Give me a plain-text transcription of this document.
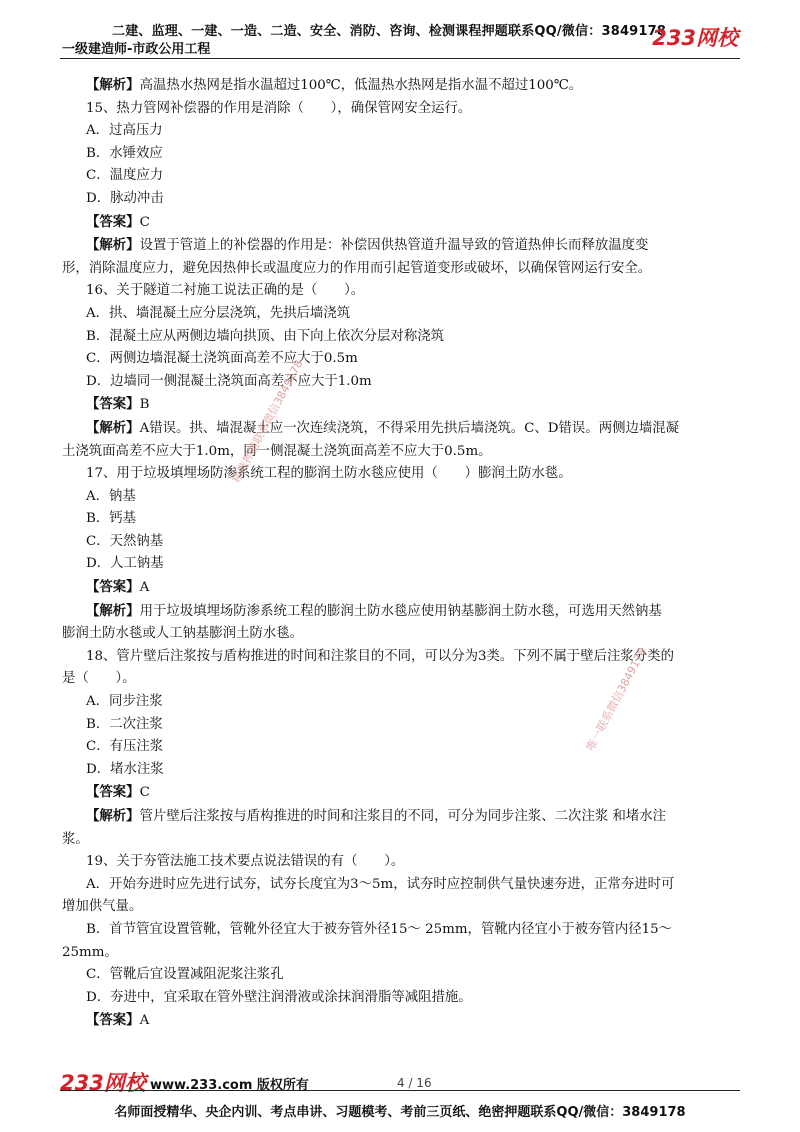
二建、监理、一建、一造、二造、安全、消防、咨询、检测课程押题联系QQ/微信：3849178
一级建造师-市政公用工程	233网校
【解析】高温热水热网是指水温超过100℃，低温热水热网是指水温不超过100℃。
15、热力管网补偿器的作用是消除（　　），确保管网安全运行。
A．过高压力
B．水锤效应
C．温度应力
D．脉动冲击
【答案】C
【解析】设置于管道上的补偿器的作用是：补偿因供热管道升温导致的管道热伸长而释放温度变
形，消除温度应力，避免因热伸长或温度应力的作用而引起管道变形或破坏，以确保管网运行安全。
16、关于隧道二衬施工说法正确的是（　　）。
A．拱、墙混凝土应分层浇筑，先拱后墙浇筑
B．混凝土应从两侧边墙向拱顶、由下向上依次分层对称浇筑
C．两侧边墙混凝土浇筑面高差不应大于0.5m
D．边墙同一侧混凝土浇筑面高差不应大于1.0m
【答案】B
【解析】A错误。拱、墙混凝土应一次连续浇筑，不得采用先拱后墙浇筑。C、D错误。两侧边墙混凝
土浇筑面高差不应大于1.0m，同一侧混凝土浇筑面高差不应大于0.5m。
17、用于垃圾填埋场防渗系统工程的膨润土防水毯应使用（　　）膨润土防水毯。
A．钠基
B．钙基
C．天然钠基
D．人工钠基
【答案】A
【解析】用于垃圾填埋场防渗系统工程的膨润土防水毯应使用钠基膨润土防水毯，可选用天然钠基
膨润土防水毯或人工钠基膨润土防水毯。
18、管片壁后注浆按与盾构推进的时间和注浆目的不同，可以分为3类。下列不属于壁后注浆分类的
是（　　）。
A．同步注浆
B．二次注浆
C．有压注浆
D．堵水注浆
【答案】C
【解析】管片壁后注浆按与盾构推进的时间和注浆目的不同，可分为同步注浆、二次注浆 和堵水注
浆。
19、关于夯管法施工技术要点说法错误的有（　　）。
A．开始夯进时应先进行试夯，试夯长度宜为3～5m，试夯时应控制供气量快速夯进，正常夯进时可
增加供气量。
B．首节管宜设置管靴，管靴外径宜大于被夯管外径15～ 25mm，管靴内径宜小于被夯管内径15～
25mm。
C．管靴后宜设置减阻泥浆注浆孔
D．夯进中，宜采取在管外壁注润滑液或涂抹润滑脂等减阻措施。
【答案】A
精准押题联系微信3849178
唯一联系微信3849178
233网校 www.233.com 版权所有	4 / 16
名师面授精华、央企内训、考点串讲、习题模考、考前三页纸、绝密押题联系QQ/微信：3849178
